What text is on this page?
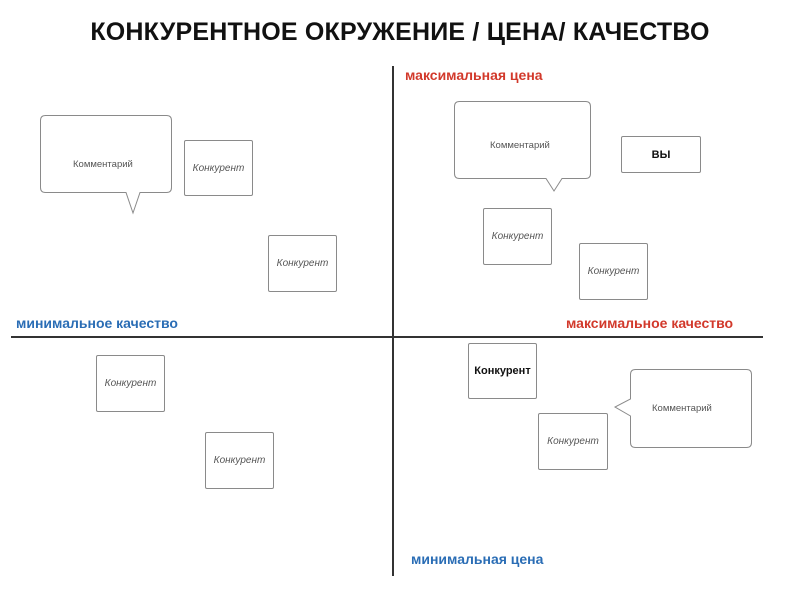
КОНКУРЕНТНОЕ ОКРУЖЕНИЕ / ЦЕНА/ КАЧЕСТВО
максимальная цена
минимальная цена
минимальное качество	максимальное качество
Комментарий
Комментарий
Комментарий
Конкурент
Конкурент
Конкурент
Конкурент
ВЫ
Конкурент
Конкурент
Конкурент
Конкурент
